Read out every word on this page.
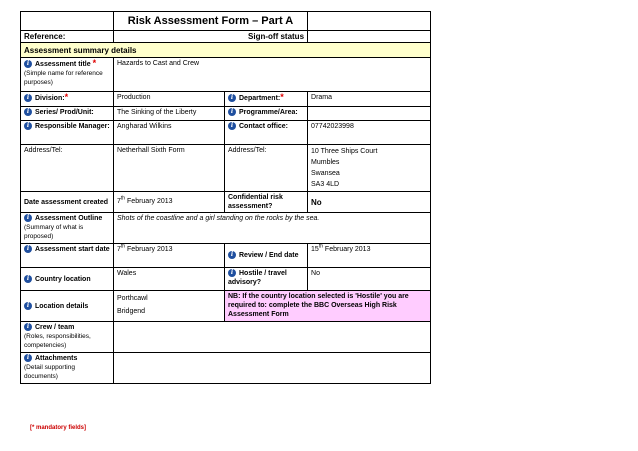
	Risk Assessment Form – Part A		
Reference:	Sign-off status		
Assessment summary details			
i Assessment title *
(Simple name for reference purposes)	Hazards to Cast and Crew		
i Division:*	Production	i Department:*	Drama
i Series/ Prod/Unit:	The Sinking of the Liberty	i Programme/Area:	
i Responsible Manager:	Angharad Wilkins	i Contact office:	07742023998
Address/Tel:	Netherhall Sixth Form	Address/Tel:	10 Three Ships Court
Mumbles
Swansea
SA3 4LD

Date assessment created	7th February 2013	Confidential risk assessment?	No
i Assessment Outline
(Summary of what is proposed)	Shots of the coastline and a girl standing on the rocks by the sea.		
i Assessment start date	7th February 2013	i Review / End date	15th February 2013
i Country location	Wales	i Hostile / travel advisory?	No
i Location details	Porthcawl
Bridgend	NB: If the country location selected is 'Hostile' you are required to: complete the BBC Overseas High Risk Assessment Form	
i Crew / team
(Roles, responsibilities, competencies)			
i Attachments
(Detail supporting documents)			
[* mandatory fields]
